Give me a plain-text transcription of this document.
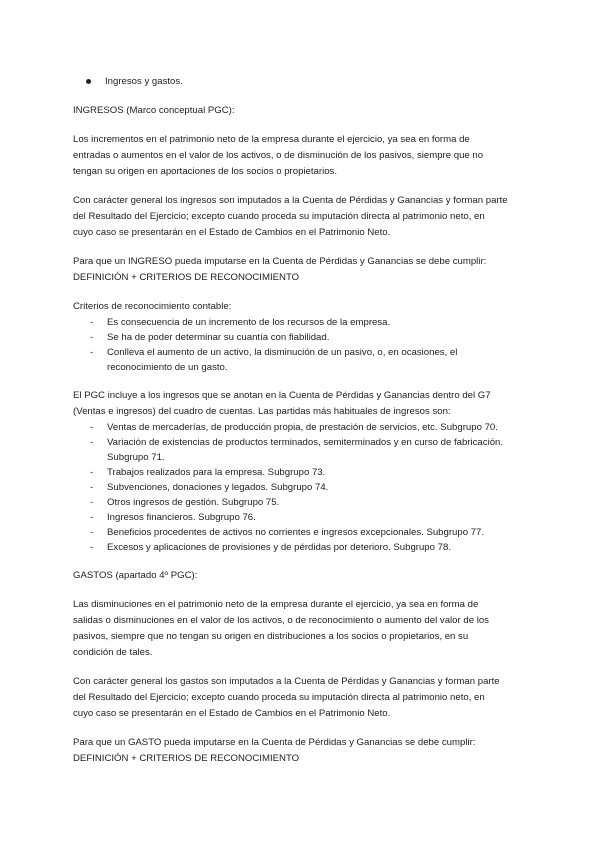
Ingresos y gastos.

INGRESOS (Marco conceptual PGC):

Los incrementos en el patrimonio neto de la empresa durante el ejercicio, ya sea en forma de

entradas o aumentos en el valor de los activos, o de disminución de los pasivos, siempre que no

tengan su origen en aportaciones de los socios o propietarios.

Con carácter general los ingresos son imputados a la Cuenta de Pérdidas y Ganancias y forman parte

del Resultado del Ejercicio; excepto cuando proceda su imputación directa al patrimonio neto, en

cuyo caso se presentarán en el Estado de Cambios en el Patrimonio Neto.

Para que un INGRESO pueda imputarse en la Cuenta de Pérdidas y Ganancias se debe cumplir:

DEFINICIÓN + CRITERIOS DE RECONOCIMIENTO

Criterios de reconocimiento contable:

- Es consecuencia de un incremento de los recursos de la empresa.
- Se ha de poder determinar su cuantía con fiabilidad.
- Conlleva el aumento de un activo, la disminución de un pasivo, o, en ocasiones, el
reconocimiento de un gasto.

El PGC incluye a los ingresos que se anotan en la Cuenta de Pérdidas y Ganancias dentro del G7

(Ventas e ingresos) del cuadro de cuentas. Las partidas más habituales de ingresos son:

- Ventas de mercaderías, de producción propia, de prestación de servicios, etc. Subgrupo 70.
- Variación de existencias de productos terminados, semiterminados y en curso de fabricación.
Subgrupo 71.
- Trabajos realizados para la empresa. Subgrupo 73.
- Subvenciones, donaciones y legados. Subgrupo 74.
- Otros ingresos de gestión. Subgrupo 75.
- Ingresos financieros. Subgrupo 76.
- Beneficios procedentes de activos no corrientes e ingresos excepcionales. Subgrupo 77.
- Excesos y aplicaciones de provisiones y de pérdidas por deterioro. Subgrupo 78.

GASTOS (apartado 4º PGC):

Las disminuciones en el patrimonio neto de la empresa durante el ejercicio, ya sea en forma de

salidas o disminuciones en el valor de los activos, o de reconocimiento o aumento del valor de los

pasivos, siempre que no tengan su origen en distribuciones a los socios o propietarios, en su

condición de tales.

Con carácter general los gastos son imputados a la Cuenta de Pérdidas y Ganancias y forman parte

del Resultado del Ejercicio; excepto cuando proceda su imputación directa al patrimonio neto, en

cuyo caso se presentarán en el Estado de Cambios en el Patrimonio Neto.

Para que un GASTO pueda imputarse en la Cuenta de Pérdidas y Ganancias se debe cumplir:

DEFINICIÓN + CRITERIOS DE RECONOCIMIENTO
